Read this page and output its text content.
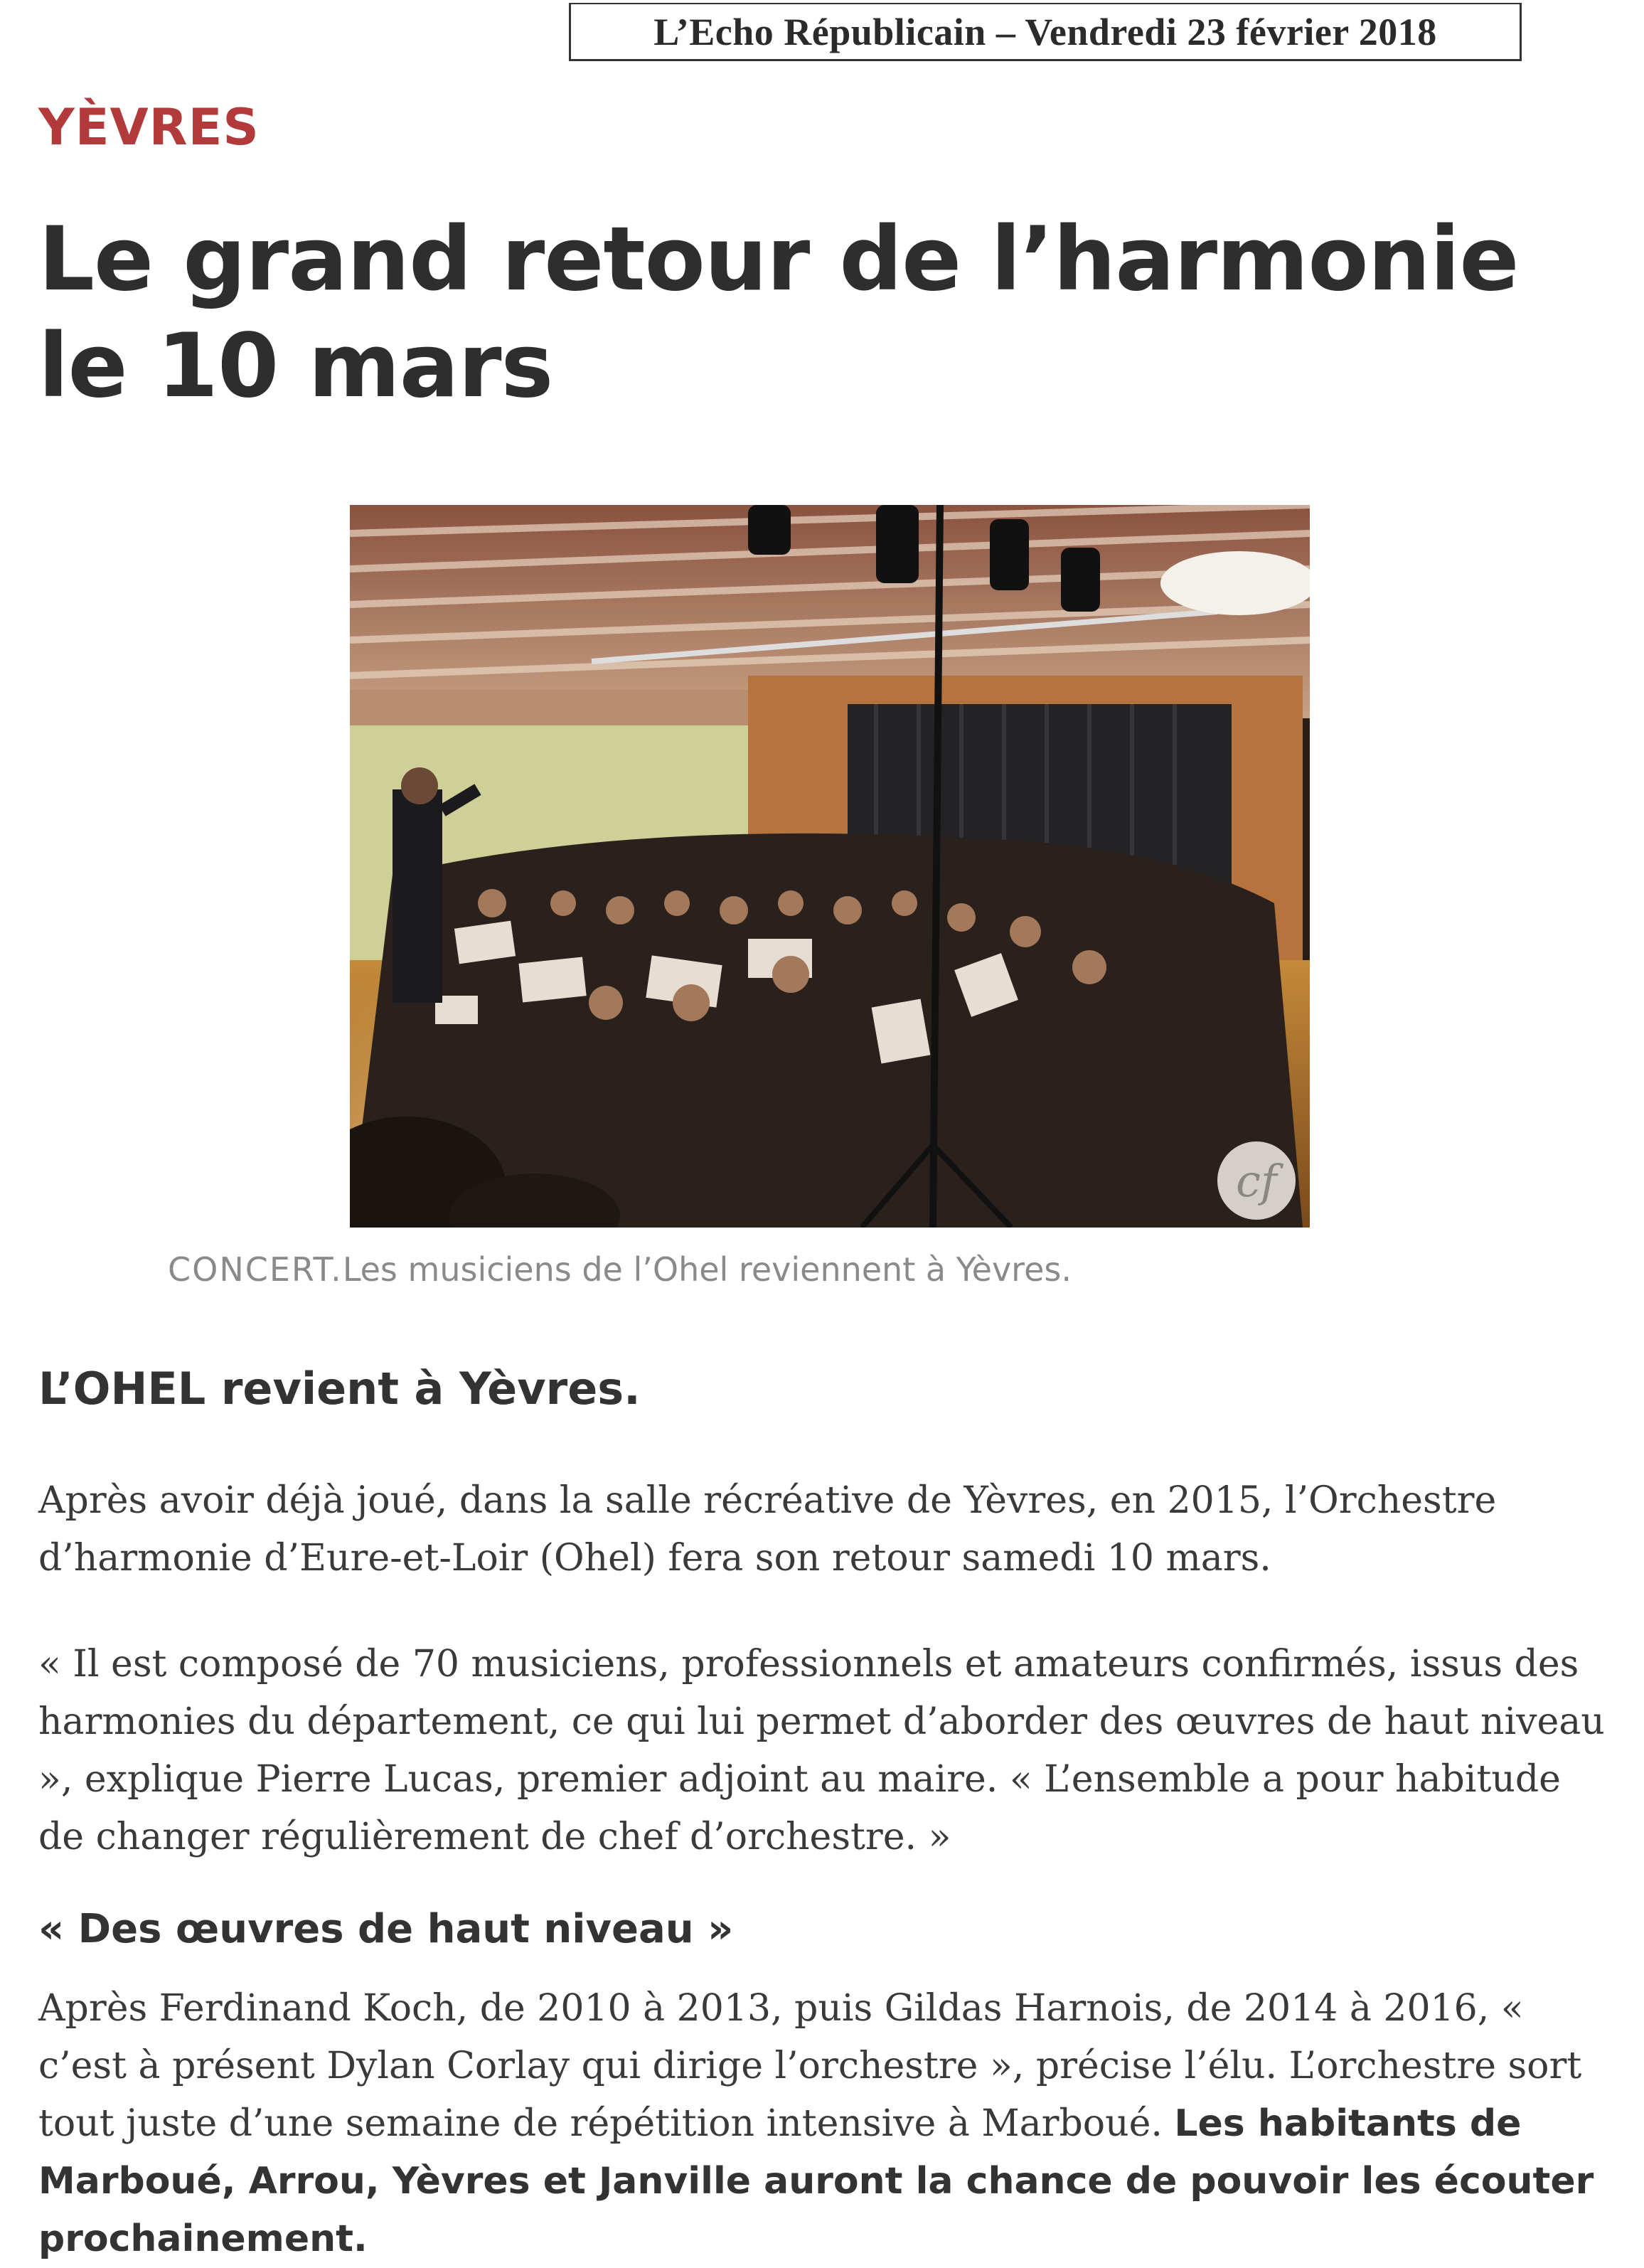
L’Echo Républicain – Vendredi 23 février 2018
YÈVRES
Le grand retour de l’harmonie le 10 mars
cf
CONCERT.Les musiciens de l’Ohel reviennent à Yèvres.
L’OHEL revient à Yèvres.

Après avoir déjà joué, dans la salle récréative de Yèvres, en 2015, l’Orchestre d’harmonie d’Eure-et-Loir (Ohel) fera son retour samedi 10 mars.

« Il est composé de 70 musiciens, professionnels et amateurs confirmés, issus des harmonies du département, ce qui lui permet d’aborder des œuvres de haut niveau », explique Pierre Lucas, premier adjoint au maire. « L’ensemble a pour habitude de changer régulièrement de chef d’orchestre. »

« Des œuvres de haut niveau »

Après Ferdinand Koch, de 2010 à 2013, puis Gildas Harnois, de 2014 à 2016, « c’est à présent Dylan Corlay qui dirige l’orchestre », précise l’élu. L’orchestre sort tout juste d’une semaine de répétition intensive à Marboué. Les habitants de Marboué, Arrou, Yèvres et Janville auront la chance de pouvoir les écouter prochainement.
